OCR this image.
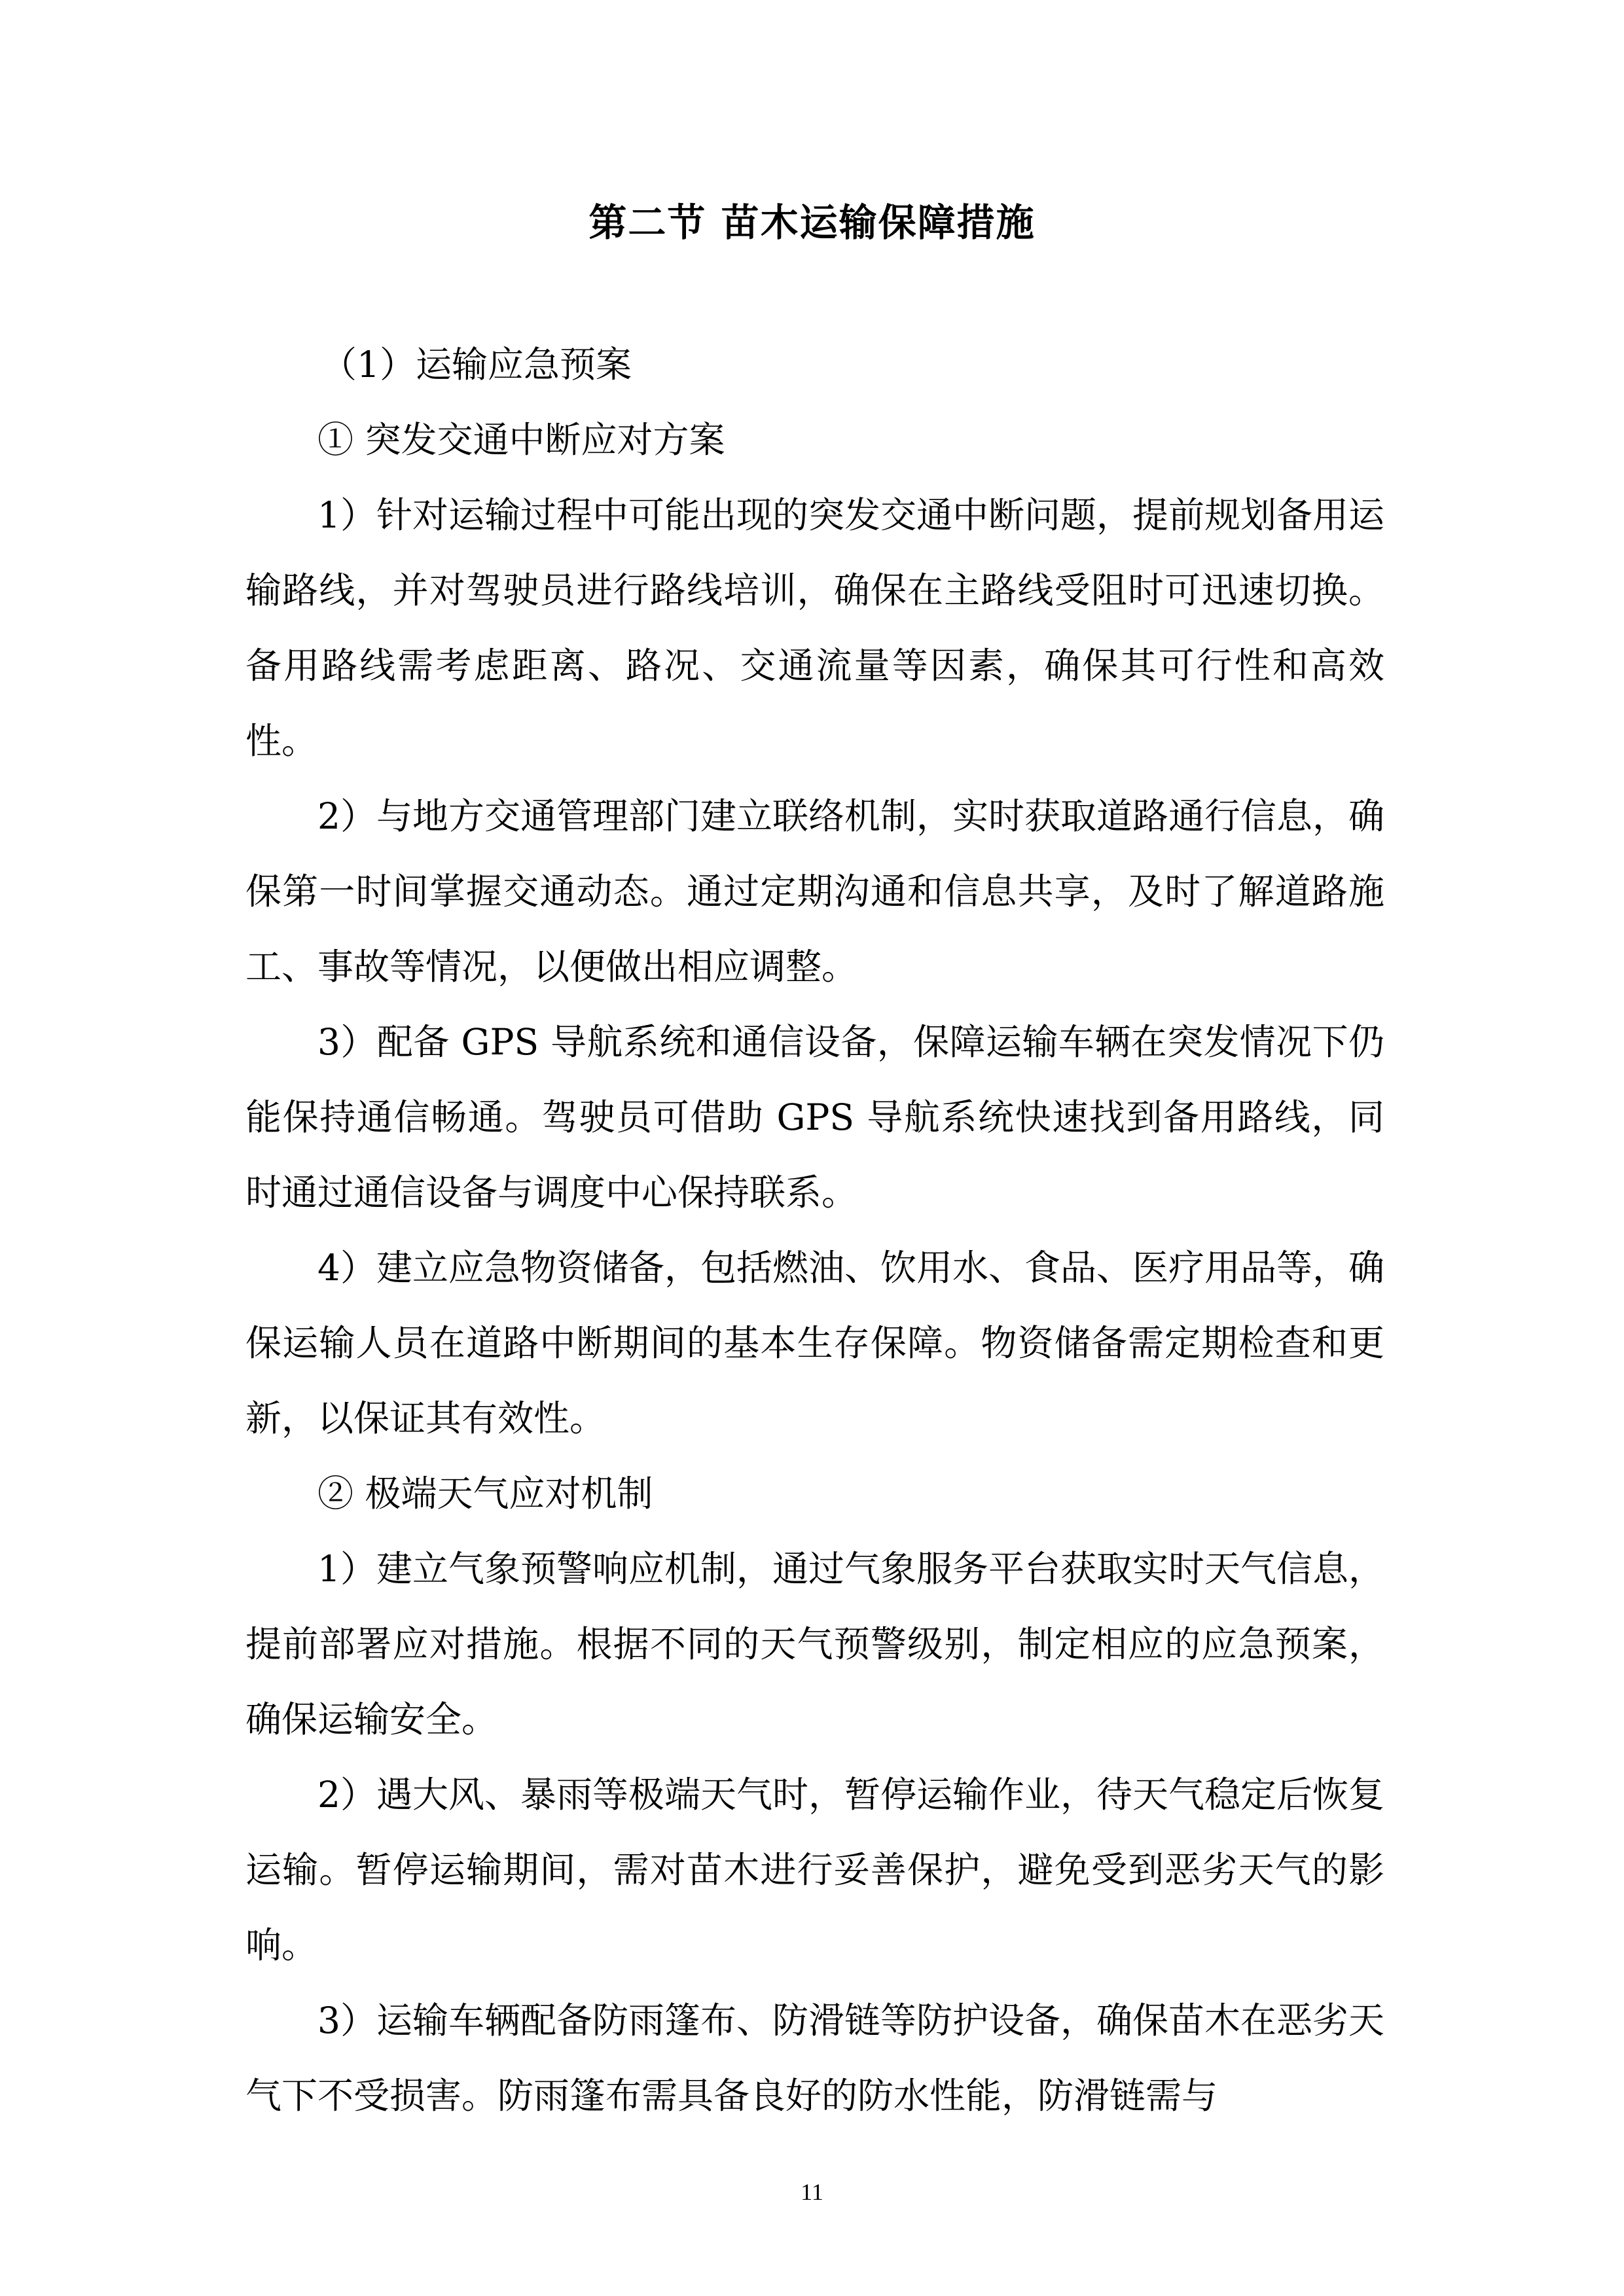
第二节 苗木运输保障措施

（1）运输应急预案

① 突发交通中断应对方案

1）针对运输过程中可能出现的突发交通中断问题，提前规划备用运输路线，并对驾驶员进行路线培训，确保在主路线受阻时可迅速切换。备用路线需考虑距离、路况、交通流量等因素，确保其可行性和高效性。

2）与地方交通管理部门建立联络机制，实时获取道路通行信息，确保第一时间掌握交通动态。通过定期沟通和信息共享，及时了解道路施工、事故等情况，以便做出相应调整。

3）配备 GPS 导航系统和通信设备，保障运输车辆在突发情况下仍能保持通信畅通。驾驶员可借助 GPS 导航系统快速找到备用路线，同时通过通信设备与调度中心保持联系。

4）建立应急物资储备，包括燃油、饮用水、食品、医疗用品等，确保运输人员在道路中断期间的基本生存保障。物资储备需定期检查和更新，以保证其有效性。

② 极端天气应对机制

1）建立气象预警响应机制，通过气象服务平台获取实时天气信息，提前部署应对措施。根据不同的天气预警级别，制定相应的应急预案，确保运输安全。

2）遇大风、暴雨等极端天气时，暂停运输作业，待天气稳定后恢复运输。暂停运输期间，需对苗木进行妥善保护，避免受到恶劣天气的影响。

3）运输车辆配备防雨篷布、防滑链等防护设备，确保苗木在恶劣天气下不受损害。防雨篷布需具备良好的防水性能，防滑链需与

11
